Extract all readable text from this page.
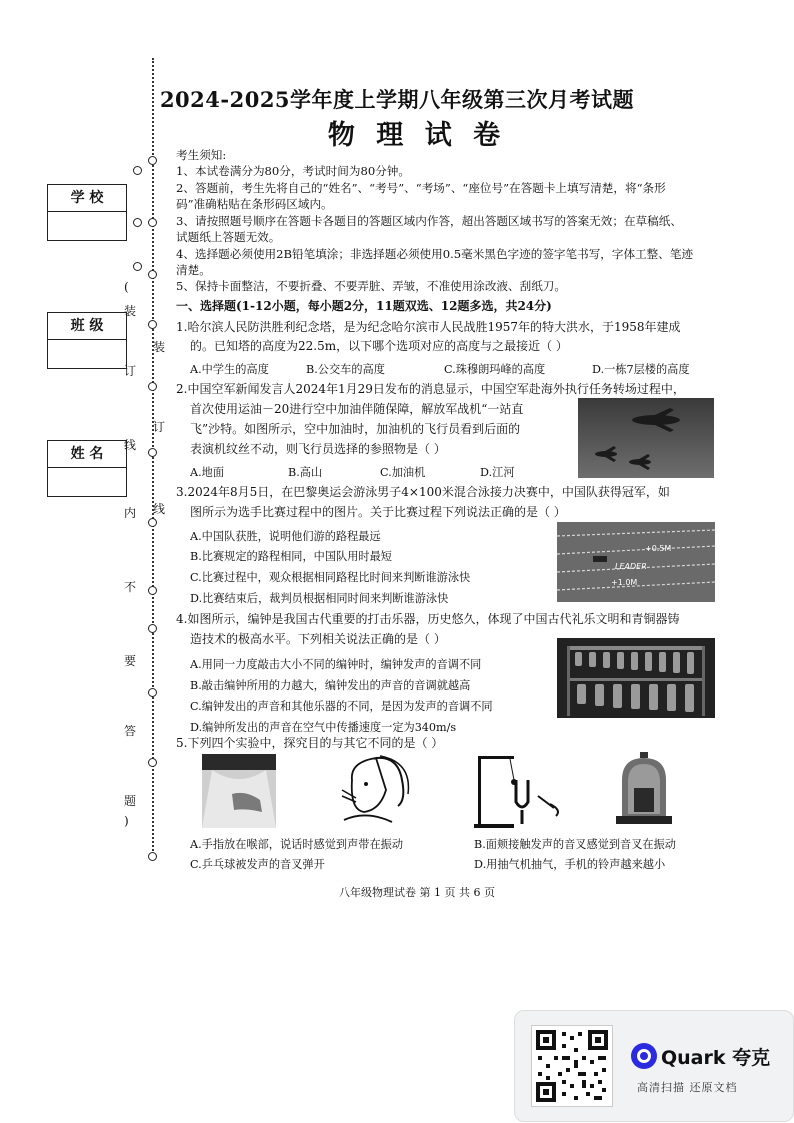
2024-2025学年度上学期八年级第三次月考试题
物 理 试 卷
(
装
订
线
内
不
要
答
题
)
装
订
线
学 校
班 级
姓 名
考生须知:
1、本试卷满分为80分，考试时间为80分钟。
2、答题前，考生先将自己的“姓名”、“考号”、“考场”、“座位号”在答题卡上填写清楚，将“条形
码”准确粘贴在条形码区域内。
3、请按照题号顺序在答题卡各题目的答题区域内作答，超出答题区域书写的答案无效；在草稿纸、
试题纸上答题无效。
4、选择题必须使用2B铅笔填涂；非选择题必须使用0.5毫米黑色字迹的签字笔书写，字体工整、笔迹
清楚。
5、保持卡面整洁，不要折叠、不要弄脏、弄皱，不准使用涂改液、刮纸刀。
一、选择题(1-12小题，每小题2分，11题双选、12题多选，共24分)
1.哈尔滨人民防洪胜利纪念塔，是为纪念哈尔滨市人民战胜1957年的特大洪水，于1958年建成
的。已知塔的高度为22.5m，以下哪个选项对应的高度与之最接近（ ）
A.中学生的高度	B.公交车的高度	C.珠穆朗玛峰的高度	D.一栋7层楼的高度
2.中国空军新闻发言人2024年1月29日发布的消息显示，中国空军赴海外执行任务转场过程中，
首次使用运油－20进行空中加油伴随保障，解放军战机“一站直
飞”沙特。如图所示，空中加油时，加油机的飞行员看到后面的
表演机纹丝不动，则飞行员选择的参照物是（ ）
A.地面	B.高山	C.加油机	D.江河
3.2024年8月5日，在巴黎奥运会游泳男子4×100米混合泳接力决赛中，中国队获得冠军，如
图所示为选手比赛过程中的图片。关于比赛过程下列说法正确的是（ ）
A.中国队获胜，说明他们游的路程最远
B.比赛规定的路程相同，中国队用时最短
C.比赛过程中，观众根据相同路程比时间来判断谁游泳快
D.比赛结束后，裁判员根据相同时间来判断谁游泳快
+0.5M
LEADER
+1.0M
4.如图所示，编钟是我国古代重要的打击乐器，历史悠久，体现了中国古代礼乐文明和青铜器铸
造技术的极高水平。下列相关说法正确的是（ ）
A.用同一力度敲击大小不同的编钟时，编钟发声的音调不同
B.敲击编钟所用的力越大，编钟发出的声音的音调就越高
C.编钟发出的声音和其他乐器的不同，是因为发声的音调不同
D.编钟所发出的声音在空气中传播速度一定为340m/s
5.下列四个实验中，探究目的与其它不同的是（ ）
A.手指放在喉部，说话时感觉到声带在振动	B.面颊接触发声的音叉感觉到音叉在振动
C.乒乓球被发声的音叉弹开	D.用抽气机抽气，手机的铃声越来越小
八年级物理试卷 第 1 页 共 6 页
Quark 夸克
高清扫描 还原文档
